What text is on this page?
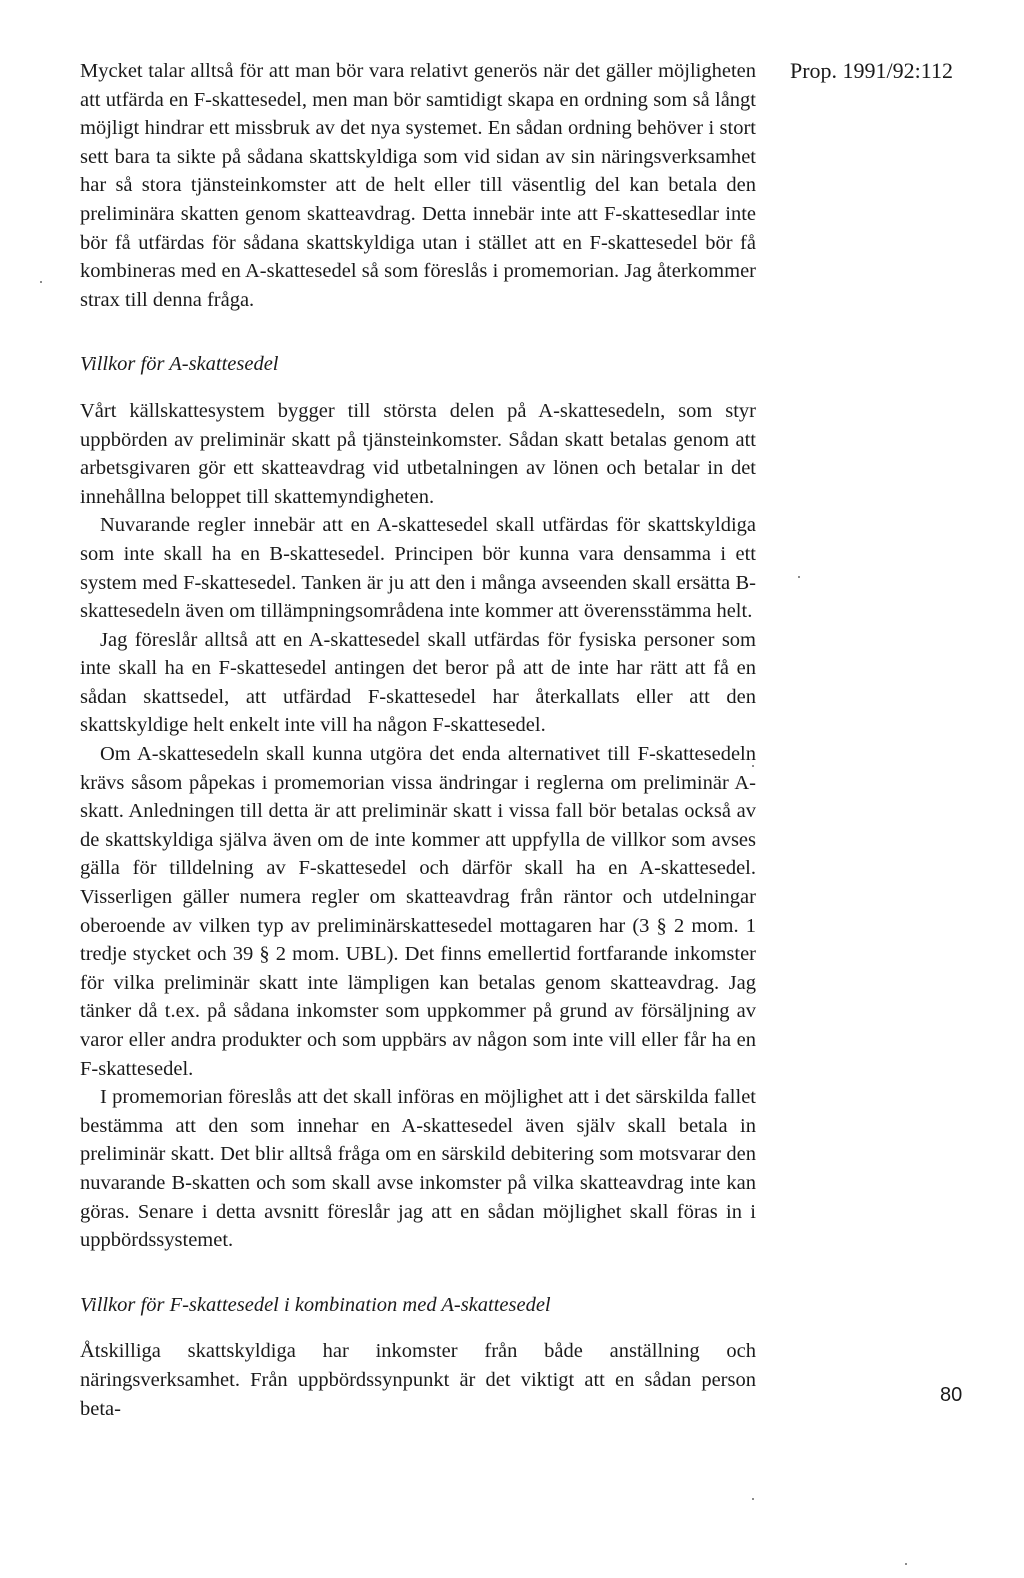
Prop. 1991/92:112

Mycket talar alltså för att man bör vara relativt generös när det gäller möjligheten att utfärda en F-skattesedel, men man bör samtidigt skapa en ordning som så långt möjligt hindrar ett missbruk av det nya systemet. En sådan ordning behöver i stort sett bara ta sikte på sådana skattskyldiga som vid sidan av sin näringsverksamhet har så stora tjänsteinkomster att de helt eller till väsentlig del kan betala den preliminära skatten genom skatteavdrag. Detta innebär inte att F-skattesedlar inte bör få utfärdas för sådana skattskyldiga utan i stället att en F-skattesedel bör få kombineras med en A-skattesedel så som föreslås i promemorian. Jag återkommer strax till denna fråga.

Villkor för A-skattesedel

Vårt källskattesystem bygger till största delen på A-skattesedeln, som styr uppbörden av preliminär skatt på tjänsteinkomster. Sådan skatt betalas genom att arbetsgivaren gör ett skatteavdrag vid utbetalningen av lönen och betalar in det innehållna beloppet till skattemyndigheten.

Nuvarande regler innebär att en A-skattesedel skall utfärdas för skattskyldiga som inte skall ha en B-skattesedel. Principen bör kunna vara densamma i ett system med F-skattesedel. Tanken är ju att den i många avseenden skall ersätta B-skattesedeln även om tillämpningsområdena inte kommer att överensstämma helt.

Jag föreslår alltså att en A-skattesedel skall utfärdas för fysiska personer som inte skall ha en F-skattesedel antingen det beror på att de inte har rätt att få en sådan skattsedel, att utfärdad F-skattesedel har återkallats eller att den skattskyldige helt enkelt inte vill ha någon F-skattesedel.

Om A-skattesedeln skall kunna utgöra det enda alternativet till F-skattesedeln krävs såsom påpekas i promemorian vissa ändringar i reglerna om preliminär A-skatt. Anledningen till detta är att preliminär skatt i vissa fall bör betalas också av de skattskyldiga själva även om de inte kommer att uppfylla de villkor som avses gälla för tilldelning av F-skattesedel och därför skall ha en A-skattesedel. Visserligen gäller numera regler om skatteavdrag från räntor och utdelningar oberoende av vilken typ av preliminärskattesedel mottagaren har (3 § 2 mom. 1 tredje stycket och 39 § 2 mom. UBL). Det finns emellertid fortfarande inkomster för vilka preliminär skatt inte lämpligen kan betalas genom skatteavdrag. Jag tänker då t.ex. på sådana inkomster som uppkommer på grund av försäljning av varor eller andra produkter och som uppbärs av någon som inte vill eller får ha en F-skattesedel.

I promemorian föreslås att det skall införas en möjlighet att i det särskilda fallet bestämma att den som innehar en A-skattesedel även själv skall betala in preliminär skatt. Det blir alltså fråga om en särskild debitering som motsvarar den nuvarande B-skatten och som skall avse inkomster på vilka skatteavdrag inte kan göras. Senare i detta avsnitt föreslår jag att en sådan möjlighet skall föras in i uppbördssystemet.

Villkor för F-skattesedel i kombination med A-skattesedel

Åtskilliga skattskyldiga har inkomster från både anställning och näringsverksamhet. Från uppbördssynpunkt är det viktigt att en sådan person beta-

80
